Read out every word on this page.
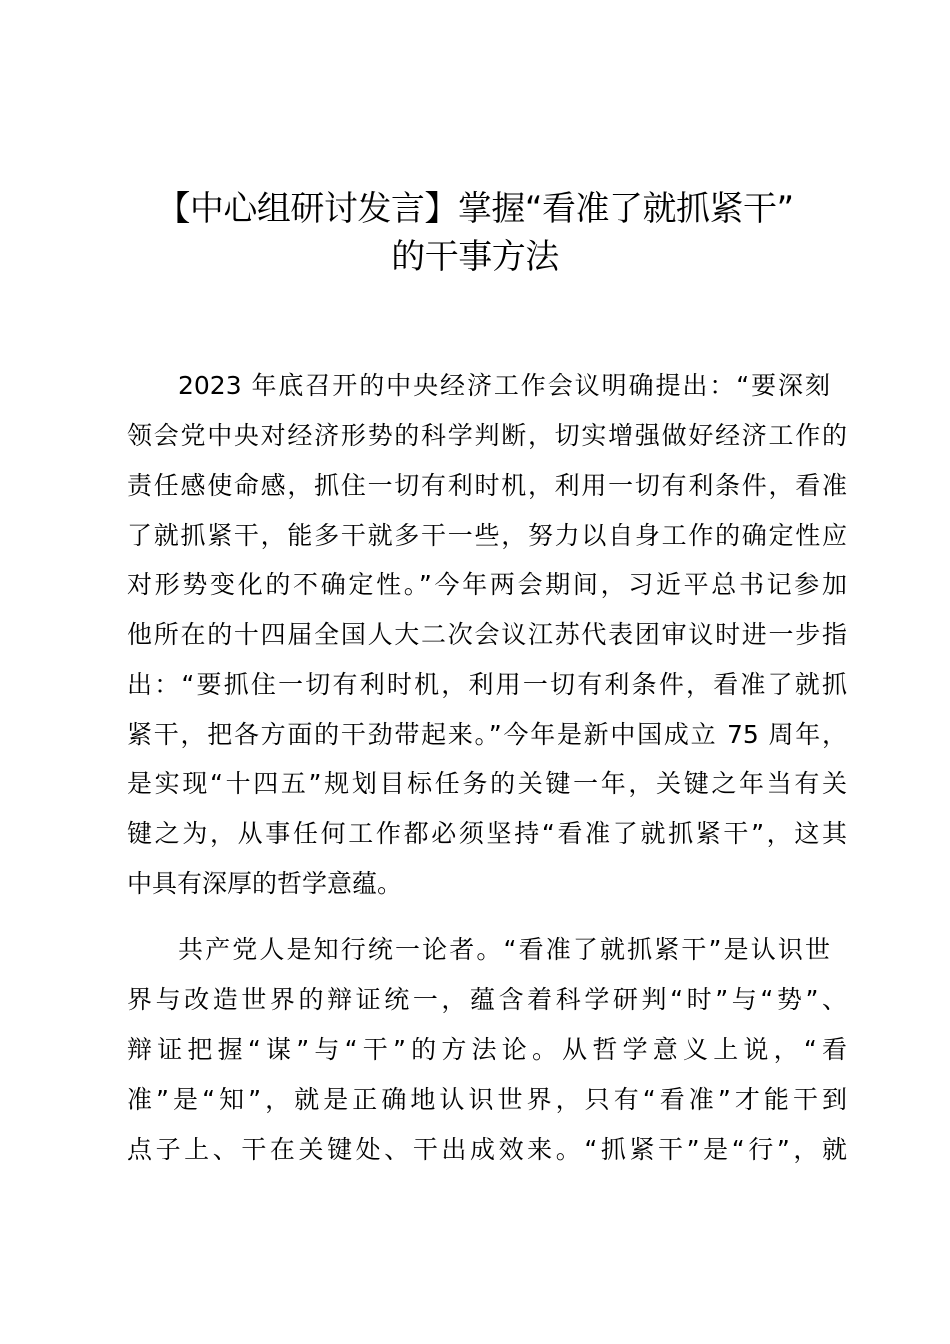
【中心组研讨发言】掌握“看准了就抓紧干”
的干事方法
2023 年底召开的中央经济工作会议明确提出：“要深刻
领会党中央对经济形势的科学判断，切实增强做好经济工作的
责任感使命感，抓住一切有利时机，利用一切有利条件，看准
了就抓紧干，能多干就多干一些，努力以自身工作的确定性应
对形势变化的不确定性。”今年两会期间，习近平总书记参加
他所在的十四届全国人大二次会议江苏代表团审议时进一步指
出：“要抓住一切有利时机，利用一切有利条件，看准了就抓
紧干，把各方面的干劲带起来。”今年是新中国成立 75 周年，
是实现“十四五”规划目标任务的关键一年，关键之年当有关
键之为，从事任何工作都必须坚持“看准了就抓紧干”，这其
中具有深厚的哲学意蕴。
共产党人是知行统一论者。“看准了就抓紧干”是认识世
界与改造世界的辩证统一，蕴含着科学研判“时”与“势”、
辩证把握“谋”与“干”的方法论。从哲学意义上说，“看
准”是“知”，就是正确地认识世界，只有“看准”才能干到
点子上、干在关键处、干出成效来。“抓紧干”是“行”，就
